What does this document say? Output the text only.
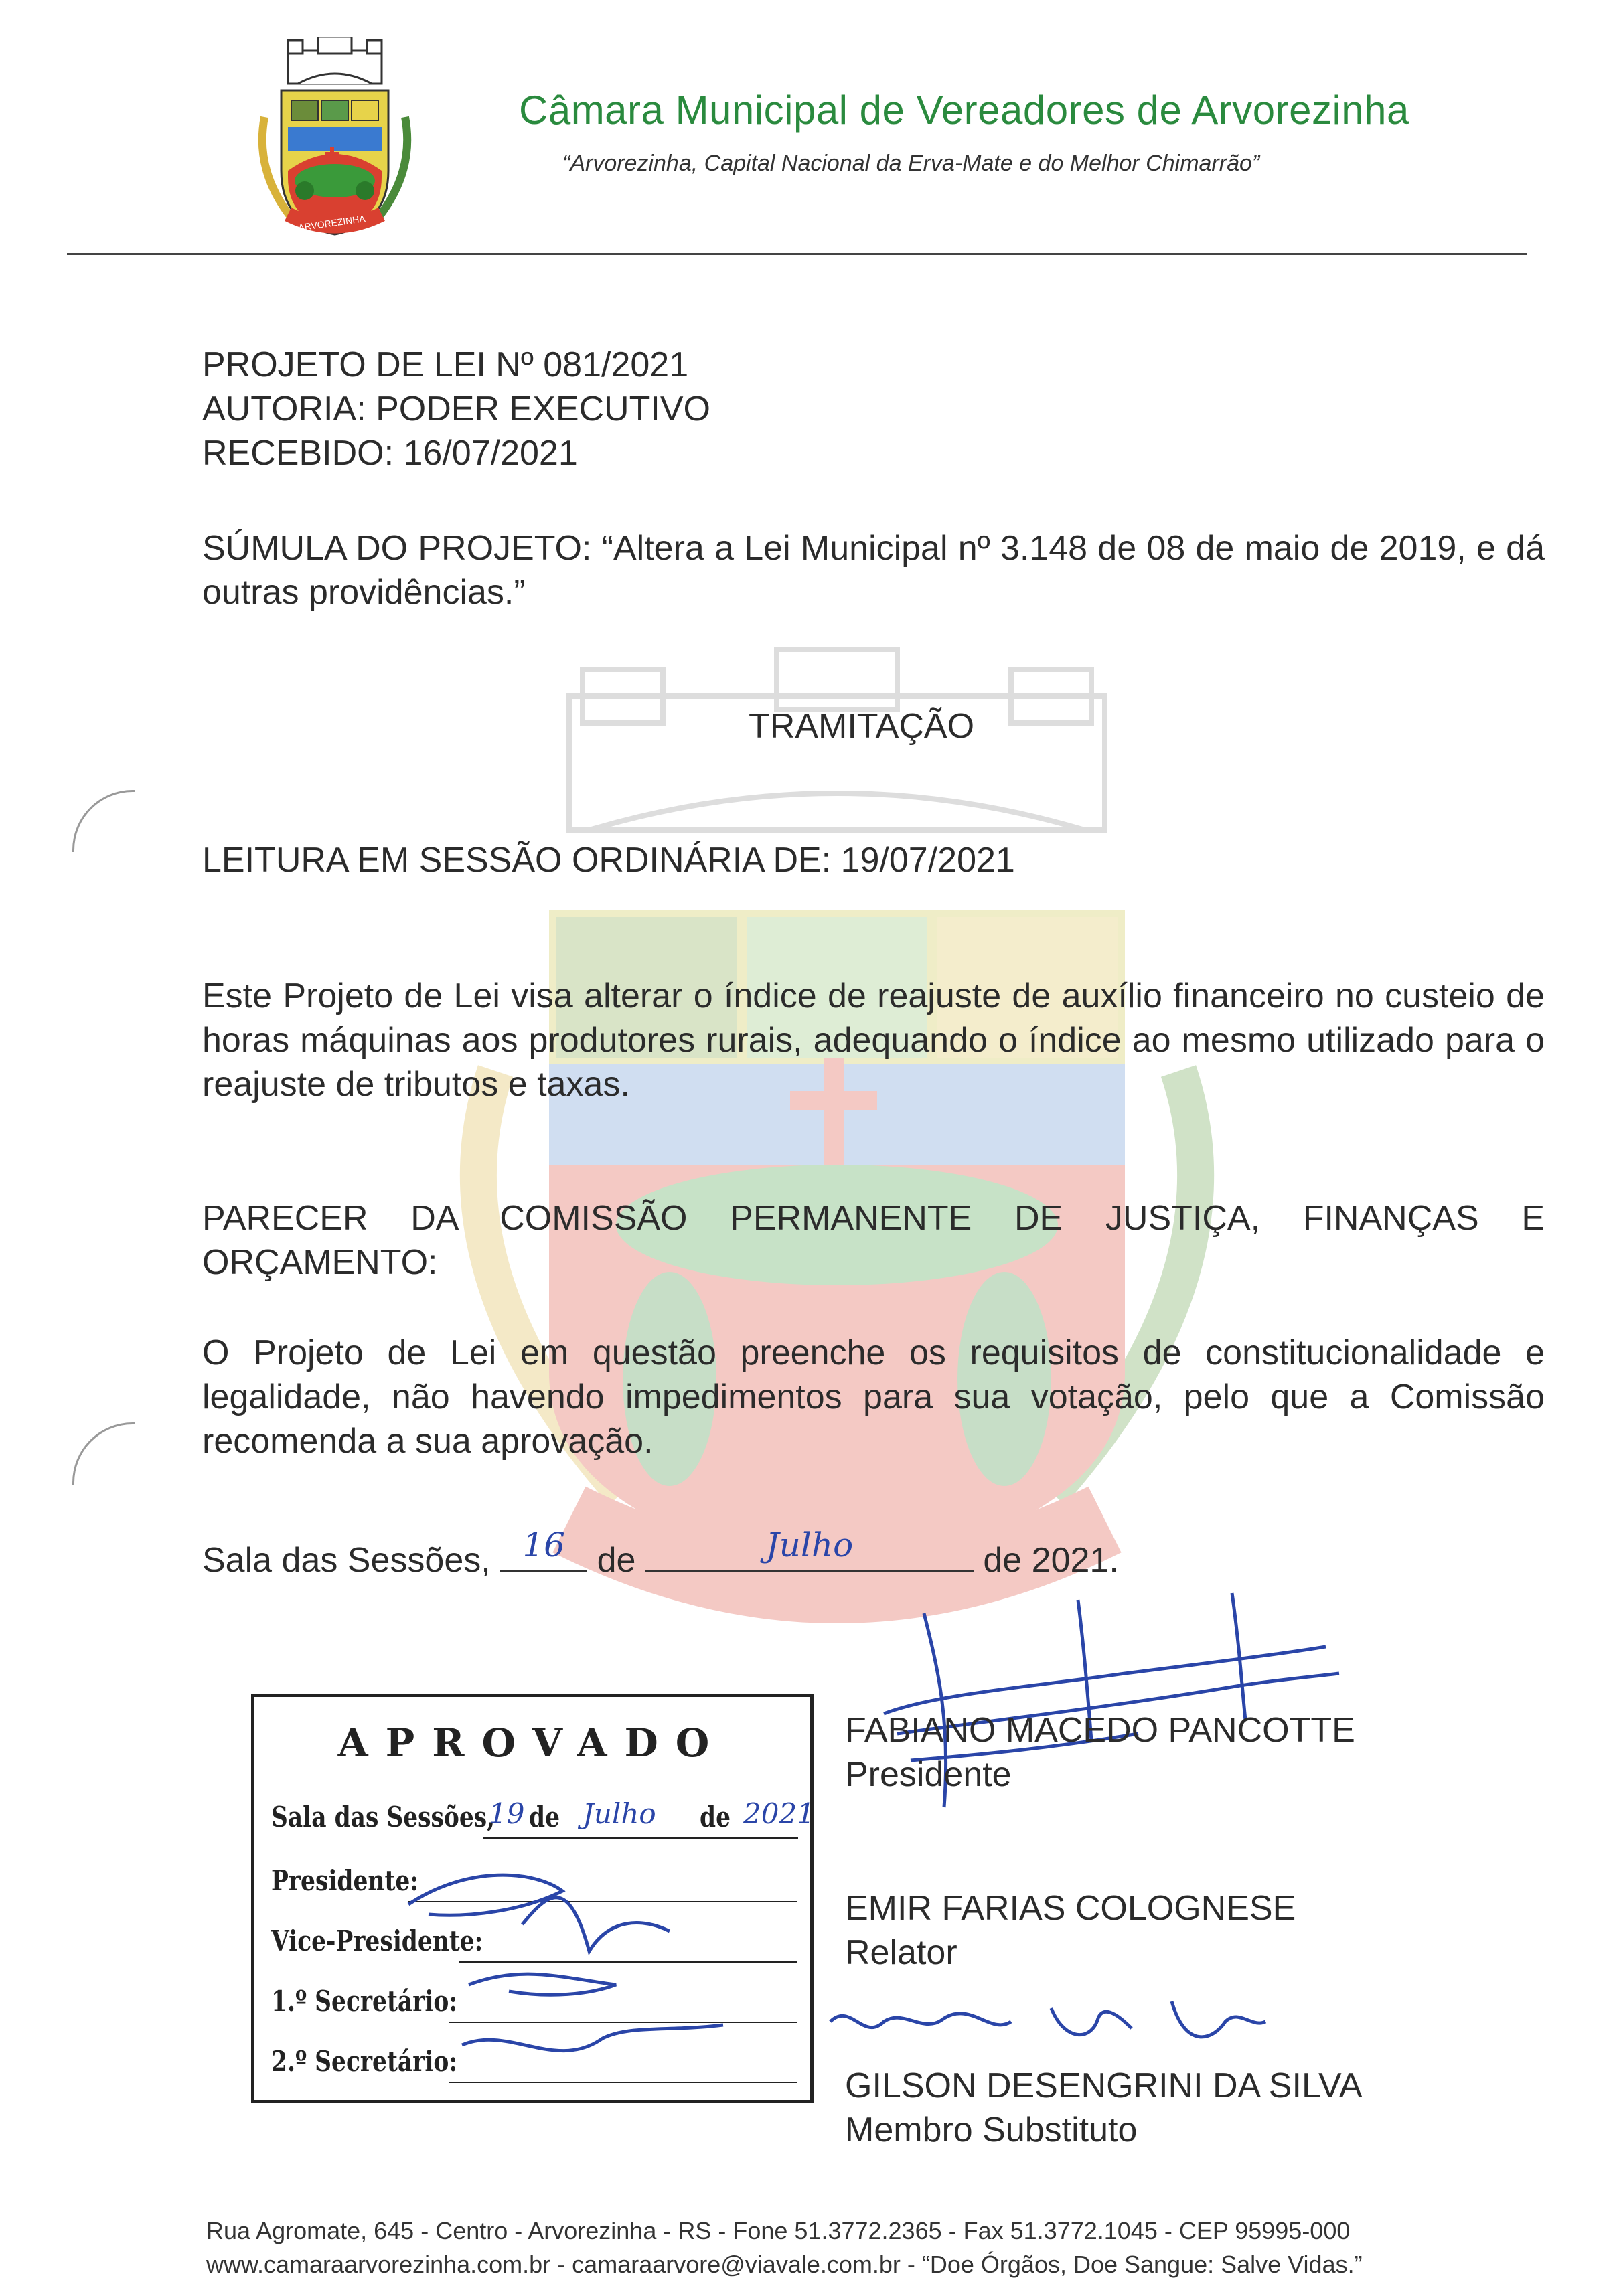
ARVOREZINHA
Câmara Municipal de Vereadores de Arvorezinha
“Arvorezinha, Capital Nacional da Erva-Mate e do Melhor Chimarrão”
PROJETO DE LEI Nº 081/2021
AUTORIA: PODER EXECUTIVO
RECEBIDO: 16/07/2021
SÚMULA DO PROJETO: “Altera a Lei Municipal nº 3.148 de 08 de maio de 2019, e dá outras providências.”
TRAMITAÇÃO
LEITURA EM SESSÃO ORDINÁRIA DE: 19/07/2021
Este Projeto de Lei visa alterar o índice de reajuste de auxílio financeiro no custeio de horas máquinas aos produtores rurais, adequando o índice ao mesmo utilizado para o reajuste de tributos e taxas.
PARECER DA COMISSÃO PERMANENTE DE JUSTIÇA, FINANÇAS E ORÇAMENTO:
O Projeto de Lei em questão preenche os requisitos de constitucionalidade e legalidade, não havendo impedimentos para sua votação, pelo que a Comissão recomenda a sua aprovação.
Sala das Sessões, 16 de	Julho	de 2021.
APROVADO
Sala das Sessões,
19 de Julho de 2021
Presidente:
Vice-Presidente:
1.º Secretário:
2.º Secretário:
FABIANO MACEDO PANCOTTE
Presidente
EMIR FARIAS COLOGNESE
Relator
GILSON DESENGRINI DA SILVA
Membro Substituto
Rua Agromate, 645 - Centro - Arvorezinha - RS - Fone 51.3772.2365 - Fax 51.3772.1045 - CEP 95995-000
www.camaraarvorezinha.com.br - camaraarvore@viavale.com.br - “Doe Órgãos, Doe Sangue: Salve Vidas.”
